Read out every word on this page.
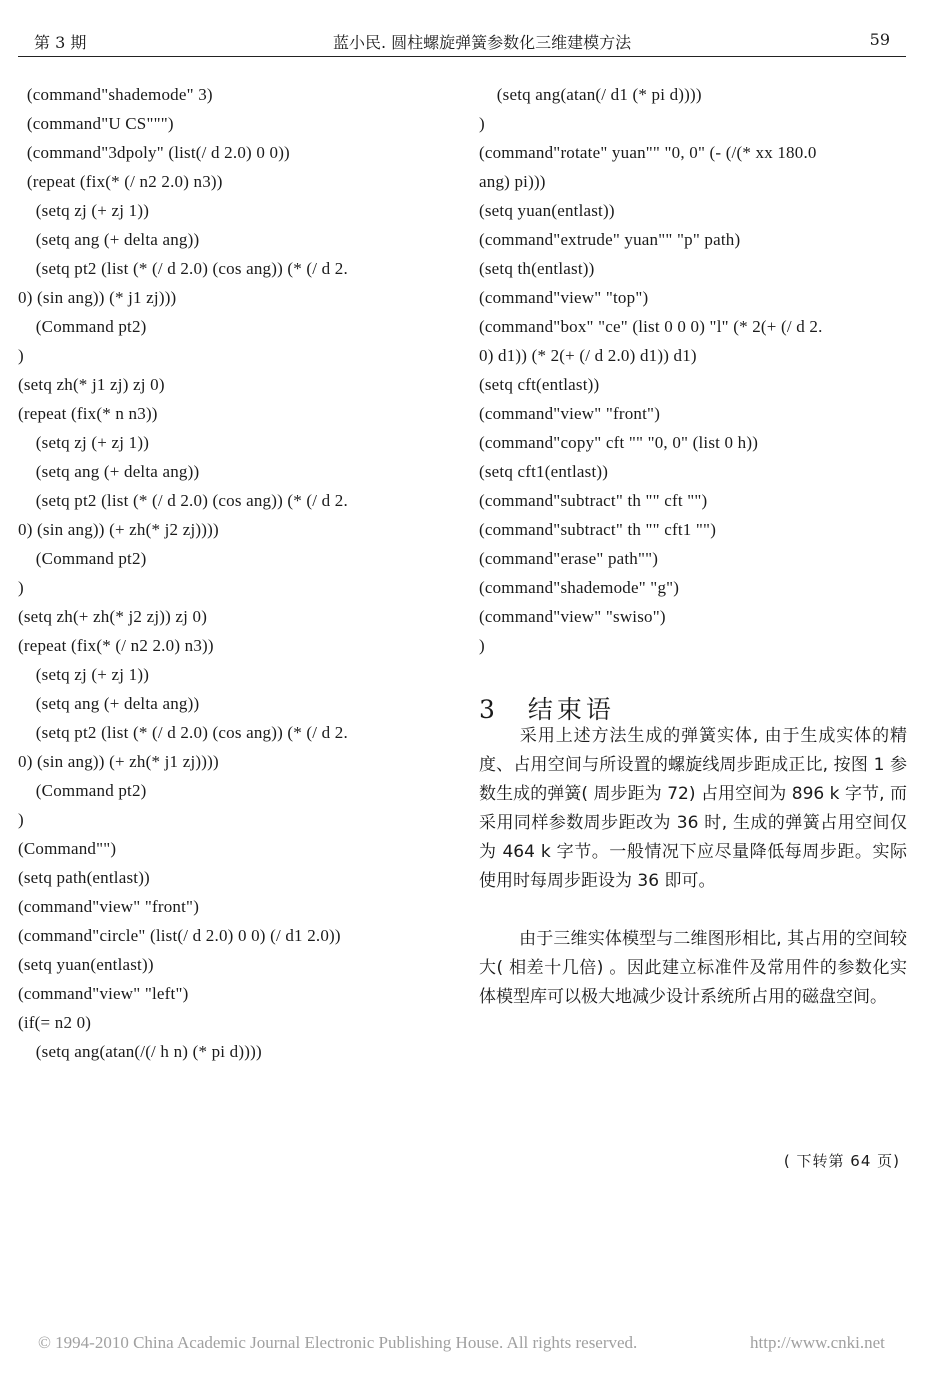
第 3 期	蓝小民. 圆柱螺旋弹簧参数化三维建模方法	59
(command"shademode" 3)
(command"U CS""")
(command"3dpoly" (list(/ d 2.0) 0 0))
(repeat (fix(* (/ n2 2.0) n3))
(setq zj (+ zj 1))
(setq ang (+ delta ang))
(setq pt2 (list (* (/ d 2.0) (cos ang)) (* (/ d 2.
0) (sin ang)) (* j1 zj)))
(Command pt2)
)
(setq zh(* j1 zj) zj 0)
(repeat (fix(* n n3))
(setq zj (+ zj 1))
(setq ang (+ delta ang))
(setq pt2 (list (* (/ d 2.0) (cos ang)) (* (/ d 2.
0) (sin ang)) (+ zh(* j2 zj))))
(Command pt2)
)
(setq zh(+ zh(* j2 zj)) zj 0)
(repeat (fix(* (/ n2 2.0) n3))
(setq zj (+ zj 1))
(setq ang (+ delta ang))
(setq pt2 (list (* (/ d 2.0) (cos ang)) (* (/ d 2.
0) (sin ang)) (+ zh(* j1 zj))))
(Command pt2)
)
(Command"")
(setq path(entlast))
(command"view" "front")
(command"circle" (list(/ d 2.0) 0 0) (/ d1 2.0))
(setq yuan(entlast))
(command"view" "left")
(if(= n2 0)
(setq ang(atan(/(/ h n) (* pi d))))
(setq ang(atan(/ d1 (* pi d))))
)
(command"rotate" yuan"" "0, 0" (- (/(* xx 180.0
ang) pi)))
(setq yuan(entlast))
(command"extrude" yuan"" "p" path)
(setq th(entlast))
(command"view" "top")
(command"box" "ce" (list 0 0 0) "l" (* 2(+ (/ d 2.
0) d1)) (* 2(+ (/ d 2.0) d1)) d1)
(setq cft(entlast))
(command"view" "front")
(command"copy" cft "" "0, 0" (list 0 h))
(setq cft1(entlast))
(command"subtract" th "" cft "")
(command"subtract" th "" cft1 "")
(command"erase" path"")
(command"shademode" "g")
(command"view" "swiso")
)
3　结束语
采用上述方法生成的弹簧实体, 由于生成实体的精度、占用空间与所设置的螺旋线周步距成正比, 按图 1 参数生成的弹簧( 周步距为 72) 占用空间为 896 k 字节, 而采用同样参数周步距改为 36 时, 生成的弹簧占用空间仅为 464 k 字节。一般情况下应尽量降低每周步距。实际使用时每周步距设为 36 即可。
由于三维实体模型与二维图形相比, 其占用的空间较大( 相差十几倍) 。因此建立标准件及常用件的参数化实体模型库可以极大地减少设计系统所占用的磁盘空间。
( 下转第 64 页)
© 1994-2010 China Academic Journal Electronic Publishing House. All rights reserved.	http://www.cnki.net
